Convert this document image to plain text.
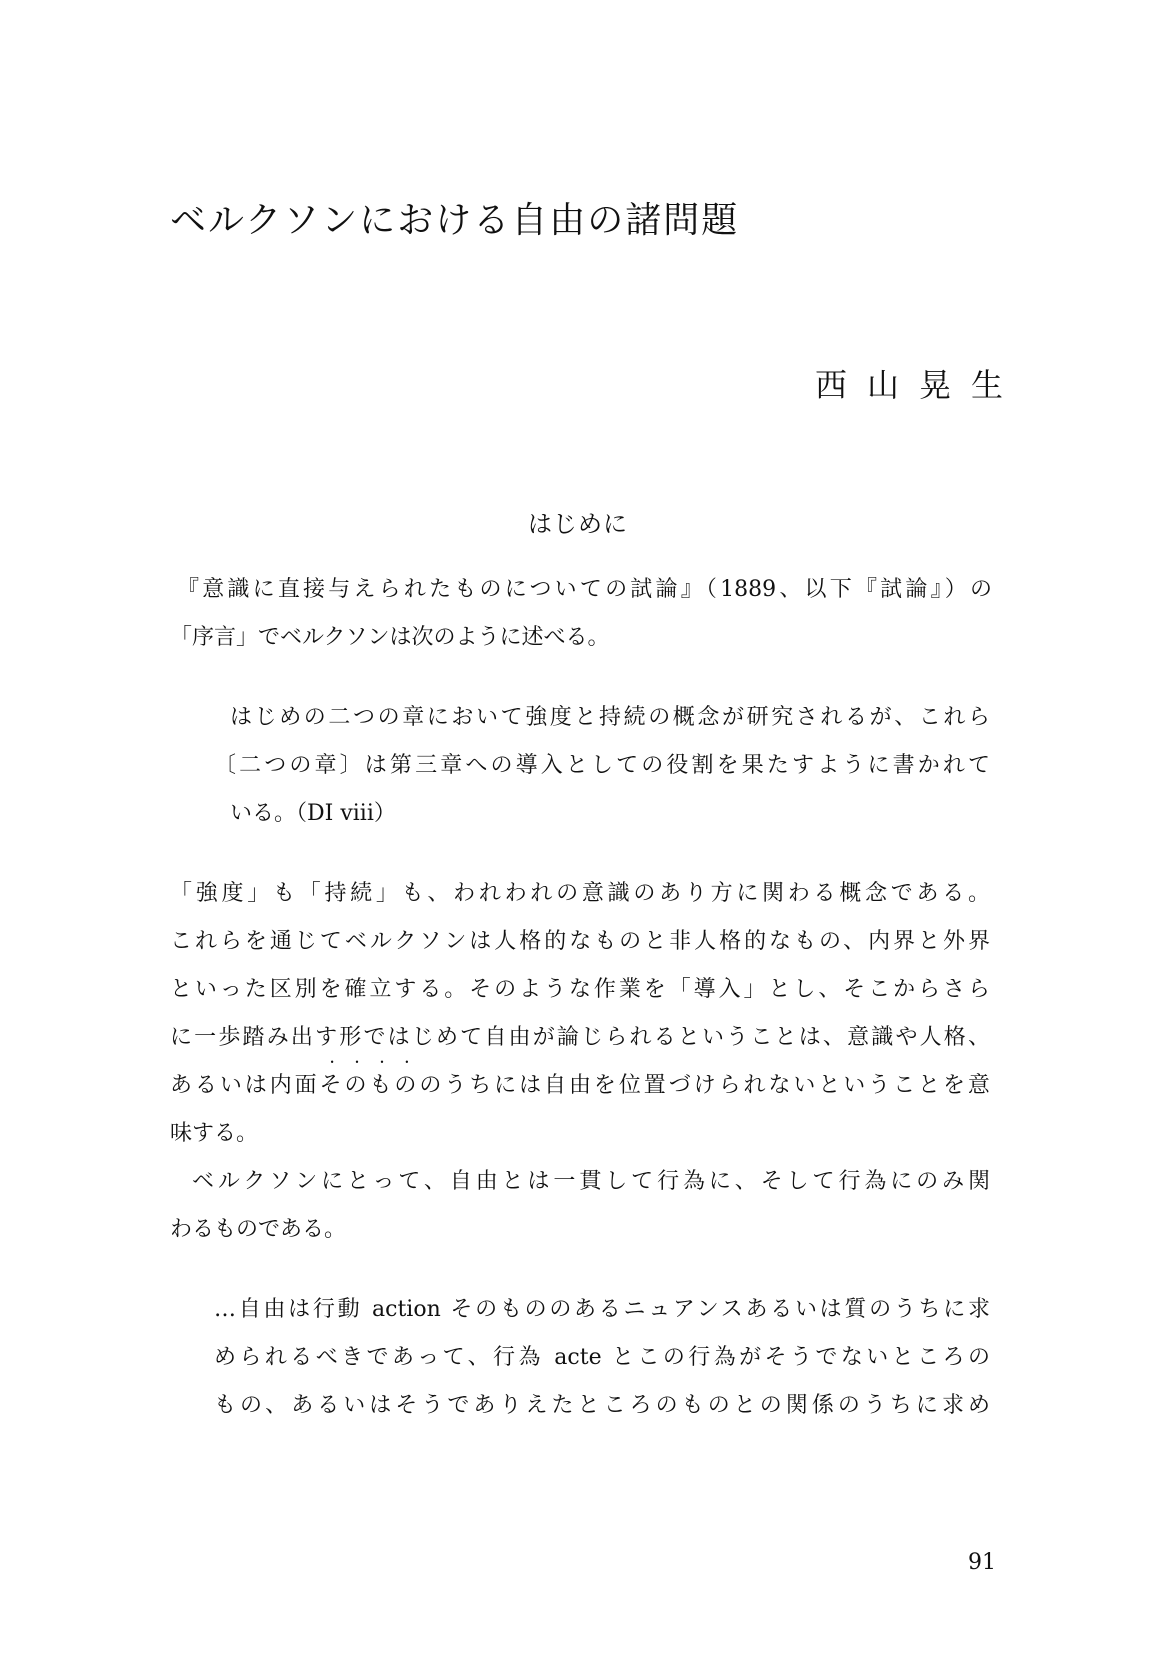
ベルクソンにおける自由の諸問題
西山晃生
はじめに
『意識に直接与えられたものについての試論』（1889、以下『試論』）の
「序言」でベルクソンは次のように述べる。
はじめの二つの章において強度と持続の概念が研究されるが、これら
〔二つの章〕は第三章への導入としての役割を果たすように書かれて
いる。（DI viii）
「強度」も「持続」も、われわれの意識のあり方に関わる概念である。
これらを通じてベルクソンは人格的なものと非人格的なもの、内界と外界
といった区別を確立する。そのような作業を「導入」とし、そこからさら
に一歩踏み出す形ではじめて自由が論じられるということは、意識や人格、
あるいは内面そのもののうちには自由を位置づけられないということを意
味する。
ベルクソンにとって、自由とは一貫して行為に、そして行為にのみ関
わるものである。
…自由は行動 action そのもののあるニュアンスあるいは質のうちに求
められるべきであって、行為 acte とこの行為がそうでないところの
もの、あるいはそうでありえたところのものとの関係のうちに求め
91
